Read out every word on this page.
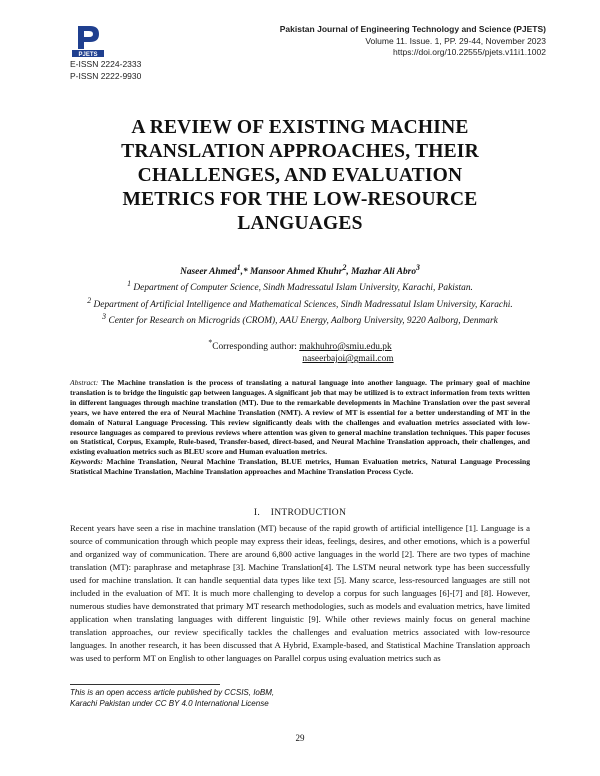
PJETS
E-ISSN 2224-2333
P-ISSN 2222-9930
Pakistan Journal of Engineering Technology and Science (PJETS)
Volume 11. Issue. 1, PP. 29-44, November 2023
https://doi.org/10.22555/pjets.v11i1.1002
A REVIEW OF EXISTING MACHINE
TRANSLATION APPROACHES, THEIR
CHALLENGES, AND EVALUATION
METRICS FOR THE LOW-RESOURCE
LANGUAGES
Naseer Ahmed$^1$,* Mansoor Ahmed Khuhr$^2$, Mazhar Ali Abro$^3$
$^1$ Department of Computer Science, Sindh Madressatul Islam University, Karachi, Pakistan.
$^2$ Department of Artificial Intelligence and Mathematical Sciences, Sindh Madressatul Islam University, Karachi.
$^3$ Center for Research on Microgrids (CROM), AAU Energy, Aalborg University, 9220 Aalborg, Denmark
*Corresponding author: makhuhro@smiu.edu.pk
naseerbajoi@gmail.com
Abstract: The Machine translation is the process of translating a natural language into another language. The primary goal of machine translation is to bridge the linguistic gap between languages. A significant job that may be utilized is to extract information from texts written in different languages through machine translation (MT). Due to the remarkable developments in Machine Translation over the past several years, we have entered the era of Neural Machine Translation (NMT). A review of MT is essential for a better understanding of MT in the domain of Natural Language Processing. This review significantly deals with the challenges and evaluation metrics associated with low-resource languages as compared to previous reviews where attention was given to general machine translation techniques. This paper focuses on Statistical, Corpus, Example, Rule-based, Transfer-based, direct-based, and Neural Machine Translation approach, their challenges, and existing evaluation metrics such as BLEU score and Human evaluation metrics.
Keywords: Machine Translation, Neural Machine Translation, BLUE metrics, Human Evaluation metrics, Natural Language Processing Statistical Machine Translation, Machine Translation approaches and Machine Translation Process Cycle.
I.    INTRODUCTION
Recent years have seen a rise in machine translation (MT) because of the rapid growth of artificial intelligence [1]. Language is a source of communication through which people may express their ideas, feelings, desires, and other emotions, which is a powerful and organized way of communication. There are around 6,800 active languages in the world [2]. There are two types of machine translation (MT): paraphrase and metaphrase [3]. Machine Translation[4]. The LSTM neural network type has been successfully used for machine translation. It can handle sequential data types like text [5]. Many scarce, less-resourced languages are still not included in the evaluation of MT. It is much more challenging to develop a corpus for such languages [6]-[7] and [8]. However, numerous studies have demonstrated that primary MT research methodologies, such as models and evaluation metrics, have limited application when translating languages with different linguistic [9]. While other reviews mainly focus on general machine translation approaches, our review specifically tackles the challenges and evaluation metrics associated with low-resource languages. In another research, it has been discussed that A Hybrid, Example-based, and Statistical Machine Translation approach was used to perform MT on English to other languages on Parallel corpus using evaluation metrics such as
This is an open access article published by CCSIS, IoBM, Karachi Pakistan under CC BY 4.0 International License
29
